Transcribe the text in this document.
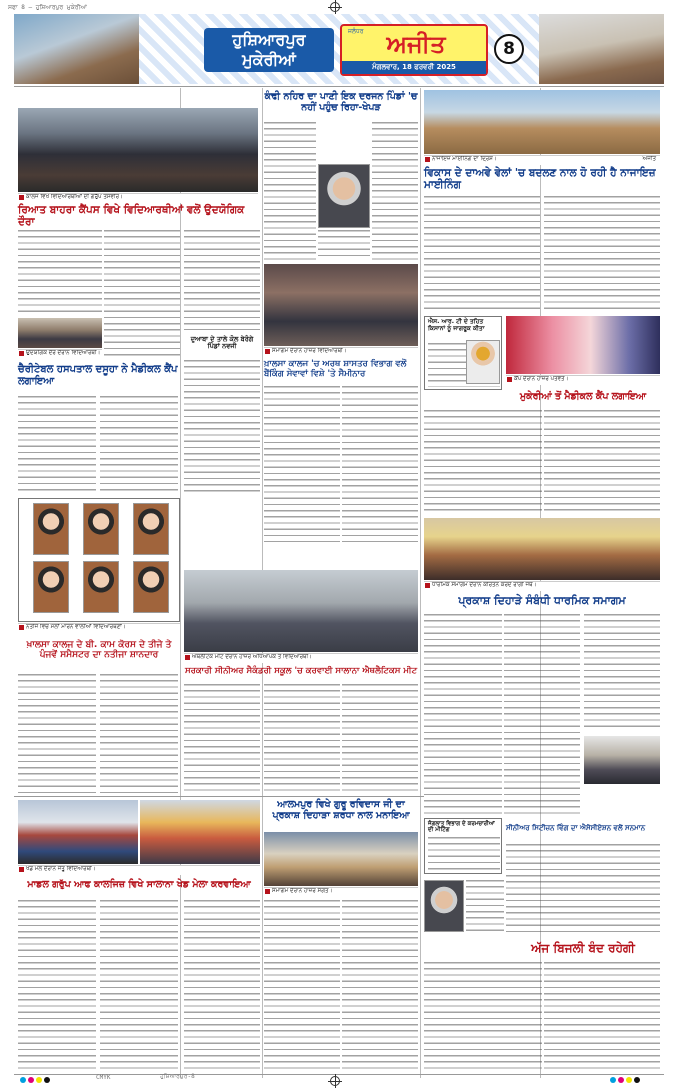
ਸਫਾ 8 — ਹੁਸ਼ਿਆਰਪੁਰ ਮੁਕੇਰੀਆਂ
ਹੁਸ਼ਿਆਰਪੁਰ ਮੁਕੇਰੀਆਂ
ਜਲੰਧਰ ਅਜੀਤ
ਮੰਗਲਵਾਰ, 18 ਫਰਵਰੀ 2025
8
ਕਾਲਜ ਵਿਖੇ ਵਿਦਿਆਰਥੀਆਂ ਦੀ ਗਰੁੱਪ ਤਸਵੀਰ।
ਰਿਆਤ ਬਾਹਰਾ ਕੈਂਪਸ ਵਿਖੇ ਵਿਦਿਆਰਥੀਆਂ ਵਲੋਂ ਉਦਯੋਗਿਕ ਦੌਰਾ
ਉਦਯੋਗਿਕ ਦੌਰੇ ਦੌਰਾਨ ਵਿਦਿਆਰਥੀ।
ਕੰਢੀ ਨਹਿਰ ਦਾ ਪਾਣੀ ਇਕ ਦਰਜਨ ਪਿੰਡਾਂ 'ਚ ਨਹੀਂ ਪਹੁੰਚ ਰਿਹਾ-ਖੇਪੜ
ਨਾਜਾਇਜ਼ ਮਾਈਨਿੰਗ ਦਾ ਦ੍ਰਿਸ਼।	ਅਜੀਤ
ਵਿਕਾਸ ਦੇ ਦਾਅਵੇ ਵੇਲਾਂ 'ਚ ਬਦਲਣ ਨਾਲ ਹੋ ਰਹੀ ਹੈ ਨਾਜਾਇਜ਼ ਮਾਈਨਿੰਗ
ਐਸ. ਆਰ. ਟੀ ਦੇ ਤਹਿਤ ਕਿਸਾਨਾਂ ਨੂੰ ਜਾਗਰੂਕ ਕੀਤਾ
ਕੈਂਪ ਦੌਰਾਨ ਹਾਜ਼ਰ ਪਤਵੰਤੇ।
ਮੁਕੇਰੀਆਂ ਤੋਂ ਮੈਡੀਕਲ ਕੈਂਪ ਲਗਾਇਆ
ਚੈਰੀਟੇਬਲ ਹਸਪਤਾਲ ਦਸੂਹਾ ਨੇ ਮੈਡੀਕਲ ਕੈਂਪ ਲਗਾਇਆ
ਦੁਆਬਾ ਦੇ ਤਾਲੇ ਕੋਲ ਬੇਰੰਗੇ ਪਿੰਡਾਂ ਨਵਜੀ
ਸਮਾਗਮ ਦੌਰਾਨ ਹਾਜ਼ਰ ਵਿਦਿਆਰਥੀ।
ਖ਼ਾਲਸਾ ਕਾਲਜ 'ਚ ਅਰਥ ਸ਼ਾਸਤਰ ਵਿਭਾਗ ਵਲੋਂ ਬੈਂਕਿੰਗ ਸੇਵਾਵਾਂ ਵਿਸ਼ੇ 'ਤੇ ਸੈਮੀਨਾਰ
ਨਤੀਜੇ ਵਿਚ ਮੱਲਾਂ ਮਾਰਨ ਵਾਲੀਆਂ ਵਿਦਿਆਰਥਣਾਂ।
ਖ਼ਾਲਸਾ ਕਾਲਜ ਦੇ ਬੀ. ਕਾਮ ਕੋਰਸ ਦੇ ਤੀਜੇ ਤੇ ਪੰਜਵੇਂ ਸਮੈਸਟਰ ਦਾ ਨਤੀਜਾ ਸ਼ਾਨਦਾਰ	ਐਥਲੈਟਿਕ ਮੀਟ ਦੌਰਾਨ ਹਾਜ਼ਰ ਅਧਿਆਪਕ ਤੇ ਵਿਦਿਆਰਥੀ।
ਸਰਕਾਰੀ ਸੀਨੀਅਰ ਸੈਕੰਡਰੀ ਸਕੂਲ 'ਚ ਕਰਵਾਈ ਸਾਲਾਨਾ ਐਥਲੈਟਿਕਸ ਮੀਟ
ਧਾਰਮਿਕ ਸਮਾਗਮ ਦੌਰਾਨ ਕੀਰਤਨ ਕਰਦੇ ਰਾਗੀ ਜਥੇ।
ਪ੍ਰਕਾਸ਼ ਦਿਹਾੜੇ ਸੰਬੰਧੀ ਧਾਰਮਿਕ ਸਮਾਗਮ
ਆਲਮਪੁਰ ਵਿਖੇ ਗੁਰੂ ਰਵਿਦਾਸ ਜੀ ਦਾ ਪ੍ਰਕਾਸ਼ ਦਿਹਾੜਾ ਸ਼ਰਧਾ ਨਾਲ ਮਨਾਇਆ
ਸਮਾਗਮ ਦੌਰਾਨ ਹਾਜ਼ਰ ਸੰਗਤ।
ਜੰਗਲਾਤ ਵਿਭਾਗ ਦੇ ਕਰਮਚਾਰੀਆਂ ਦੀ ਮੀਟਿੰਗ	ਸੀਨੀਅਰ ਸਿਟੀਜ਼ਨ ਵਿੰਗ ਦਾ ਐਸੋਸੀਏਸ਼ਨ ਵਲੋਂ ਸਨਮਾਨ
ਅੱਜ ਬਿਜਲੀ ਬੰਦ ਰਹੇਗੀ
ਖੇਡ ਮੇਲੇ ਦੌਰਾਨ ਜੇਤੂ ਵਿਦਿਆਰਥੀ।
ਮਾਡਲ ਗਰੁੱਪ ਆਫ ਕਾਲਜਿਜ਼ ਵਿਖੇ ਸਾਲਾਨਾ ਖੇਡ ਮੇਲਾ ਕਰਵਾਇਆ
CMYK	ਹੁਸ਼ਿਆਰਪੁਰ-8
